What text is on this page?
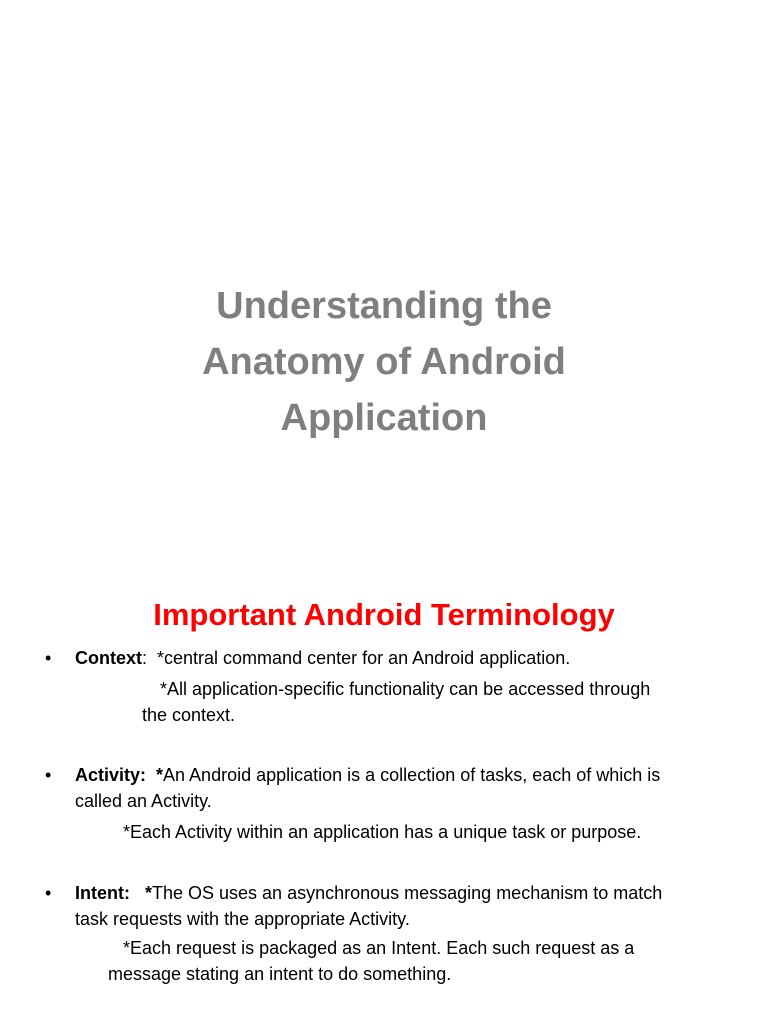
Understanding the
Anatomy of Android
Application
Important Android Terminology
• Context:  *central command center for an Android application.
*All application-specific functionality can be accessed through
the context.
• Activity:  *An Android application is a collection of tasks, each of which is
called an Activity.
*Each Activity within an application has a unique task or purpose.
• Intent:   *The OS uses an asynchronous messaging mechanism to match
task requests with the appropriate Activity.
*Each request is packaged as an Intent. Each such request as a
message stating an intent to do something.
